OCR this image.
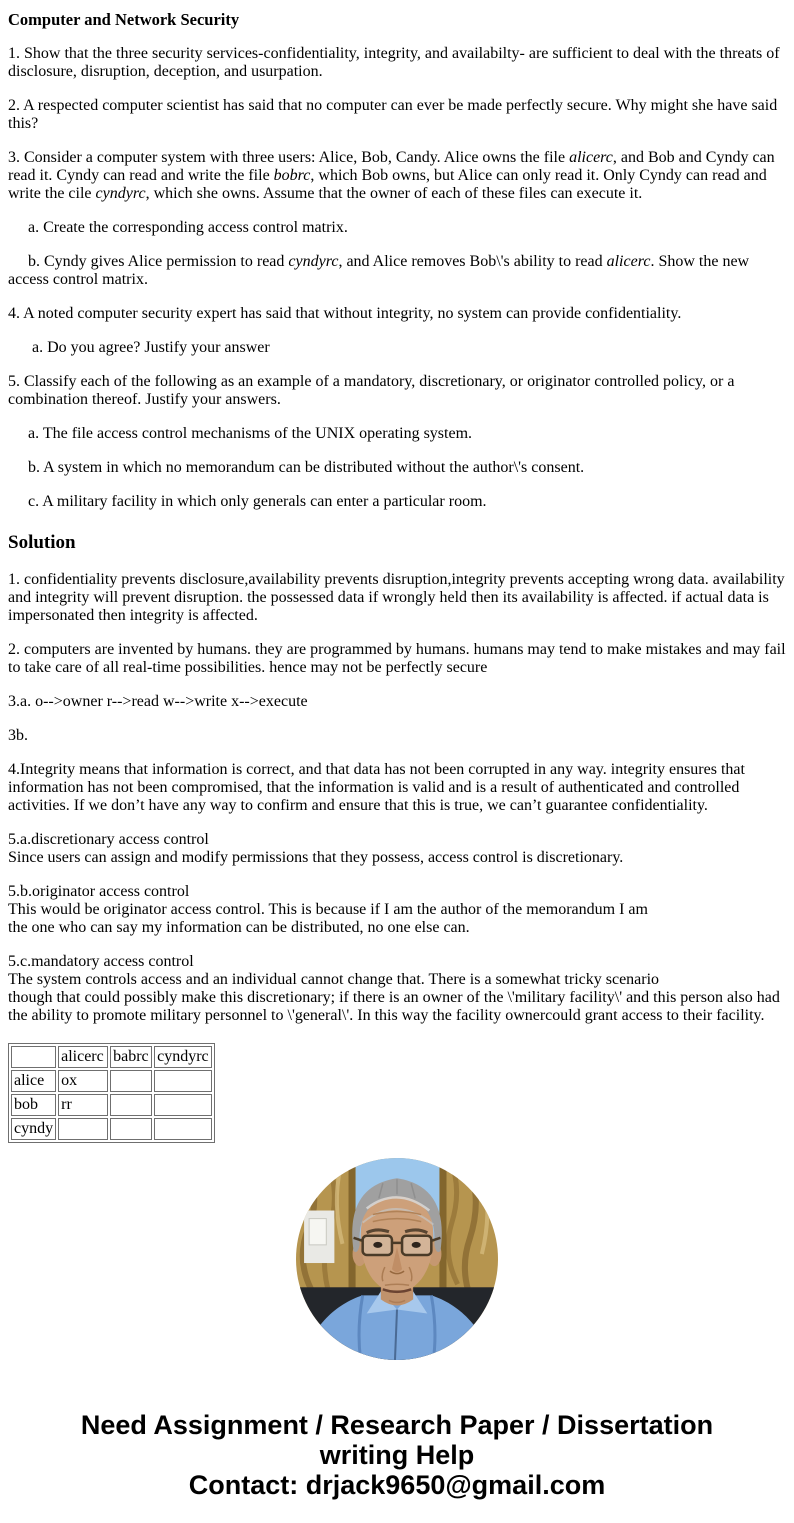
Computer and Network Security

1. Show that the three security services-confidentiality, integrity, and availabilty- are sufficient to deal with the threats of disclosure, disruption, deception, and usurpation.

2. A respected computer scientist has said that no computer can ever be made perfectly secure. Why might she have said this?

3. Consider a computer system with three users: Alice, Bob, Candy. Alice owns the file alicerc, and Bob and Cyndy can read it. Cyndy can read and write the file bobrc, which Bob owns, but Alice can only read it. Only Cyndy can read and write the cile cyndyrc, which she owns. Assume that the owner of each of these files can execute it.

a. Create the corresponding access control matrix.

b. Cyndy gives Alice permission to read cyndyrc, and Alice removes Bob\'s ability to read alicerc. Show the new access control matrix.

4. A noted computer security expert has said that without integrity, no system can provide confidentiality.

a. Do you agree? Justify your answer

5. Classify each of the following as an example of a mandatory, discretionary, or originator controlled policy, or a combination thereof. Justify your answers.

a. The file access control mechanisms of the UNIX operating system.

b. A system in which no memorandum can be distributed without the author\'s consent.

c. A military facility in which only generals can enter a particular room.

Solution

1. confidentiality prevents disclosure,availability prevents disruption,integrity prevents accepting wrong data. availability and integrity will prevent disruption. the possessed data if wrongly held then its availability is affected. if actual data is impersonated then integrity is affected.

2. computers are invented by humans. they are programmed by humans. humans may tend to make mistakes and may fail to take care of all real-time possibilities. hence may not be perfectly secure

3.a. o-->owner r-->read w-->write x-->execute

3b.

4.Integrity means that information is correct, and that data has not been corrupted in any way. integrity ensures that information has not been compromised, that the information is valid and is a result of authenticated and controlled activities. If we don’t have any way to confirm and ensure that this is true, we can’t guarantee confidentiality.

5.a.discretionary access control
Since users can assign and modify permissions that they possess, access control is discretionary.

5.b.originator access control
This would be originator access control. This is because if I am the author of the memorandum I am
the one who can say my information can be distributed, no one else can.

5.c.mandatory access control
The system controls access and an individual cannot change that. There is a somewhat tricky scenario
though that could possibly make this discretionary; if there is an owner of the \'military facility\' and this person also had
the ability to promote military personnel to \'general\'. In this way the facility ownercould grant access to their facility.

	alicerc	babrc	cyndyrc
alice	ox		
bob	rr		
cyndy			
Need Assignment / Research Paper / Dissertation
writing Help
Contact: drjack9650@gmail.com
